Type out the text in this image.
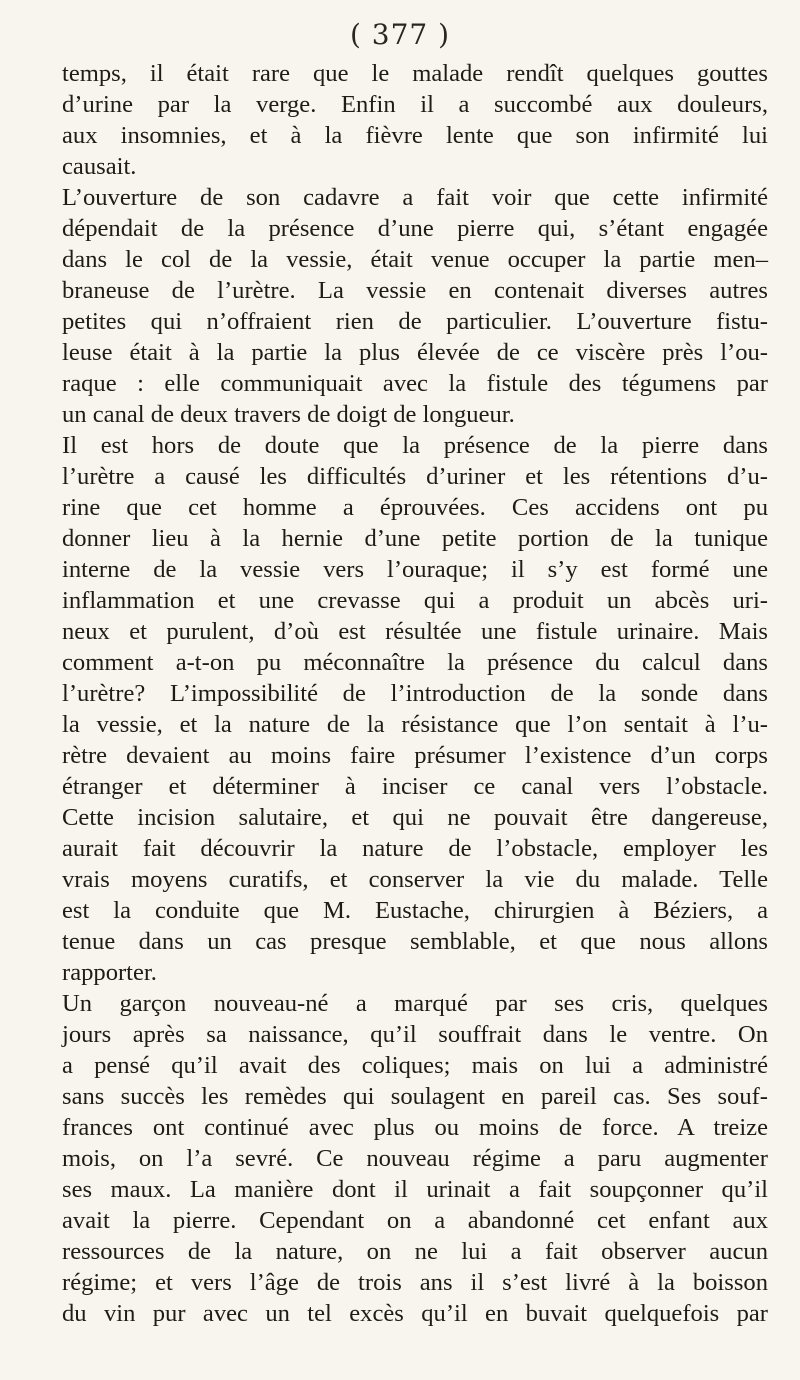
( 377 )

temps, il était rare que le malade rendît quelques gouttes
d’urine par la verge. Enfin il a succombé aux douleurs,
aux insomnies, et à la fièvre lente que son infirmité lui
causait.

L’ouverture de son cadavre a fait voir que cette infirmité
dépendait de la présence d’une pierre qui, s’étant engagée
dans le col de la vessie, était venue occuper la partie men–
braneuse de l’urètre. La vessie en contenait diverses autres
petites qui n’offraient rien de particulier. L’ouverture fistu-
leuse était à la partie la plus élevée de ce viscère près l’ou-
raque : elle communiquait avec la fistule des tégumens par
un canal de deux travers de doigt de longueur.

Il est hors de doute que la présence de la pierre dans
l’urètre a causé les difficultés d’uriner et les rétentions d’u-
rine que cet homme a éprouvées. Ces accidens ont pu
donner lieu à la hernie d’une petite portion de la tunique
interne de la vessie vers l’ouraque; il s’y est formé une
inflammation et une crevasse qui a produit un abcès uri-
neux et purulent, d’où est résultée une fistule urinaire. Mais
comment a-t-on pu méconnaître la présence du calcul dans
l’urètre? L’impossibilité de l’introduction de la sonde dans
la vessie, et la nature de la résistance que l’on sentait à l’u-
rètre devaient au moins faire présumer l’existence d’un corps
étranger et déterminer à inciser ce canal vers l’obstacle.
Cette incision salutaire, et qui ne pouvait être dangereuse,
aurait fait découvrir la nature de l’obstacle, employer les
vrais moyens curatifs, et conserver la vie du malade. Telle
est la conduite que M. Eustache, chirurgien à Béziers, a
tenue dans un cas presque semblable, et que nous allons
rapporter.

Un garçon nouveau-né a marqué par ses cris, quelques
jours après sa naissance, qu’il souffrait dans le ventre. On
a pensé qu’il avait des coliques; mais on lui a administré
sans succès les remèdes qui soulagent en pareil cas. Ses souf-
frances ont continué avec plus ou moins de force. A treize
mois, on l’a sevré. Ce nouveau régime a paru augmenter
ses maux. La manière dont il urinait a fait soupçonner qu’il
avait la pierre. Cependant on a abandonné cet enfant aux
ressources de la nature, on ne lui a fait observer aucun
régime; et vers l’âge de trois ans il s’est livré à la boisson
du vin pur avec un tel excès qu’il en buvait quelquefois par
